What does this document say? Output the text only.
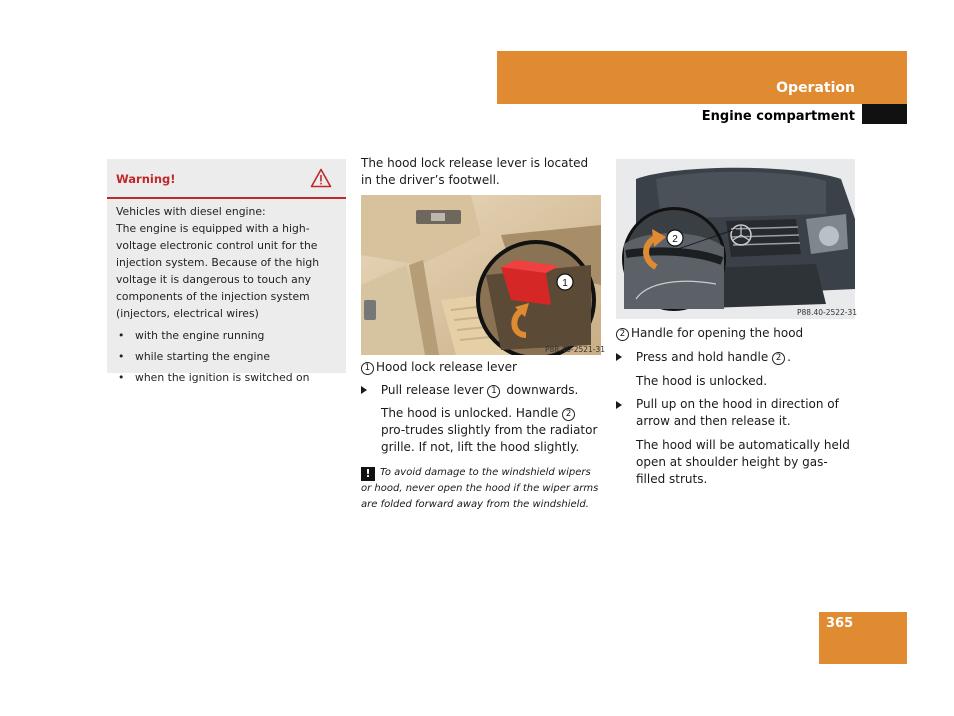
Operation
Engine compartment
Warning!
Vehicles with diesel engine:
The engine is equipped with a high-voltage electronic control unit for the injection system. Because of the high voltage it is dangerous to touch any components of the injection system (injectors, electrical wires)
• with the engine running
• while starting the engine
• when the ignition is switched on
The hood lock release lever is located in the driver’s footwell.
1
P88.40-2521-31
1 Hood lock release lever
Pull release lever 1 downwards.
The hood is unlocked. Handle 2 pro-trudes slightly from the radiator grille. If not, lift the hood slightly.
! To avoid damage to the windshield wipers or hood, never open the hood if the wiper arms are folded forward away from the windshield.
2
P88.40-2522-31
2 Handle for opening the hood
Press and hold handle 2 .
The hood is unlocked.
Pull up on the hood in direction of arrow and then release it.
The hood will be automatically held open at shoulder height by gas-filled struts.
365
